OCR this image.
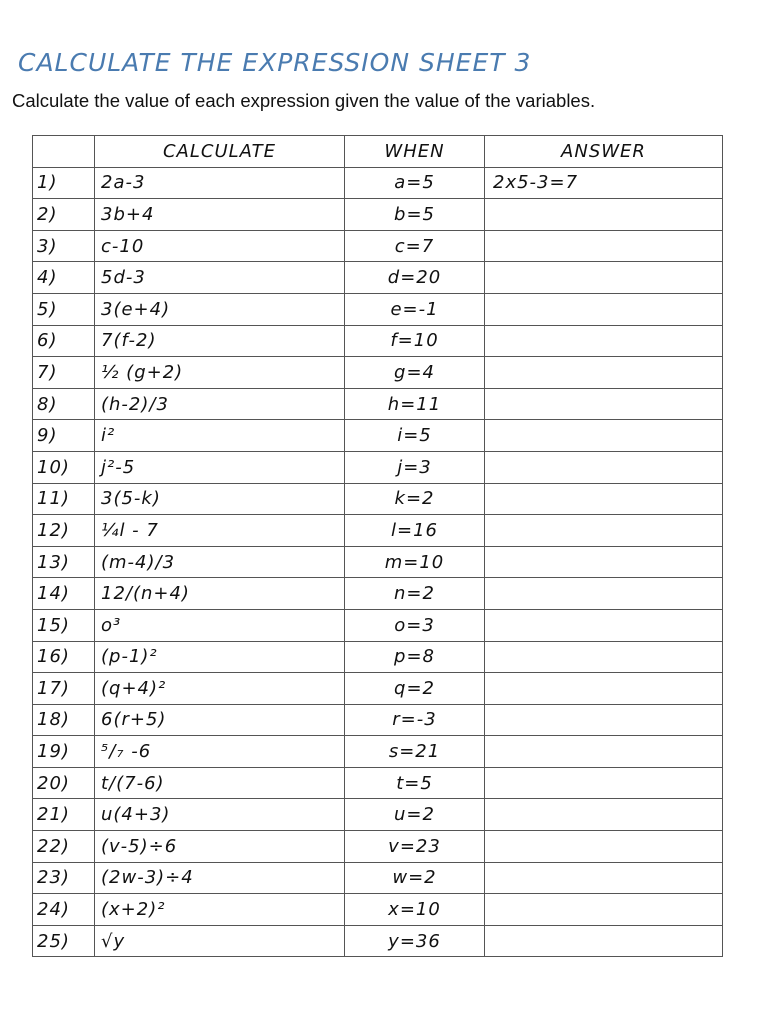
CALCULATE THE EXPRESSION SHEET 3
Calculate the value of each expression given the value of the variables.
	CALCULATE	WHEN	ANSWER
1)	2a-3	a=5	2x5-3=7
2)	3b+4	b=5	
3)	c-10	c=7	
4)	5d-3	d=20	
5)	3(e+4)	e=-1	
6)	7(f-2)	f=10	
7)	½ (g+2)	g=4	
8)	(h-2)/3	h=11	
9)	i²	i=5	
10)	j²-5	j=3	
11)	3(5-k)	k=2	
12)	¼l - 7	l=16	
13)	(m-4)/3	m=10	
14)	12/(n+4)	n=2	
15)	o³	o=3	
16)	(p-1)²	p=8	
17)	(q+4)²	q=2	
18)	6(r+5)	r=-3	
19)	⁵/₇ -6	s=21	
20)	t/(7-6)	t=5	
21)	u(4+3)	u=2	
22)	(v-5)÷6	v=23	
23)	(2w-3)÷4	w=2	
24)	(x+2)²	x=10	
25)	√y	y=36	
